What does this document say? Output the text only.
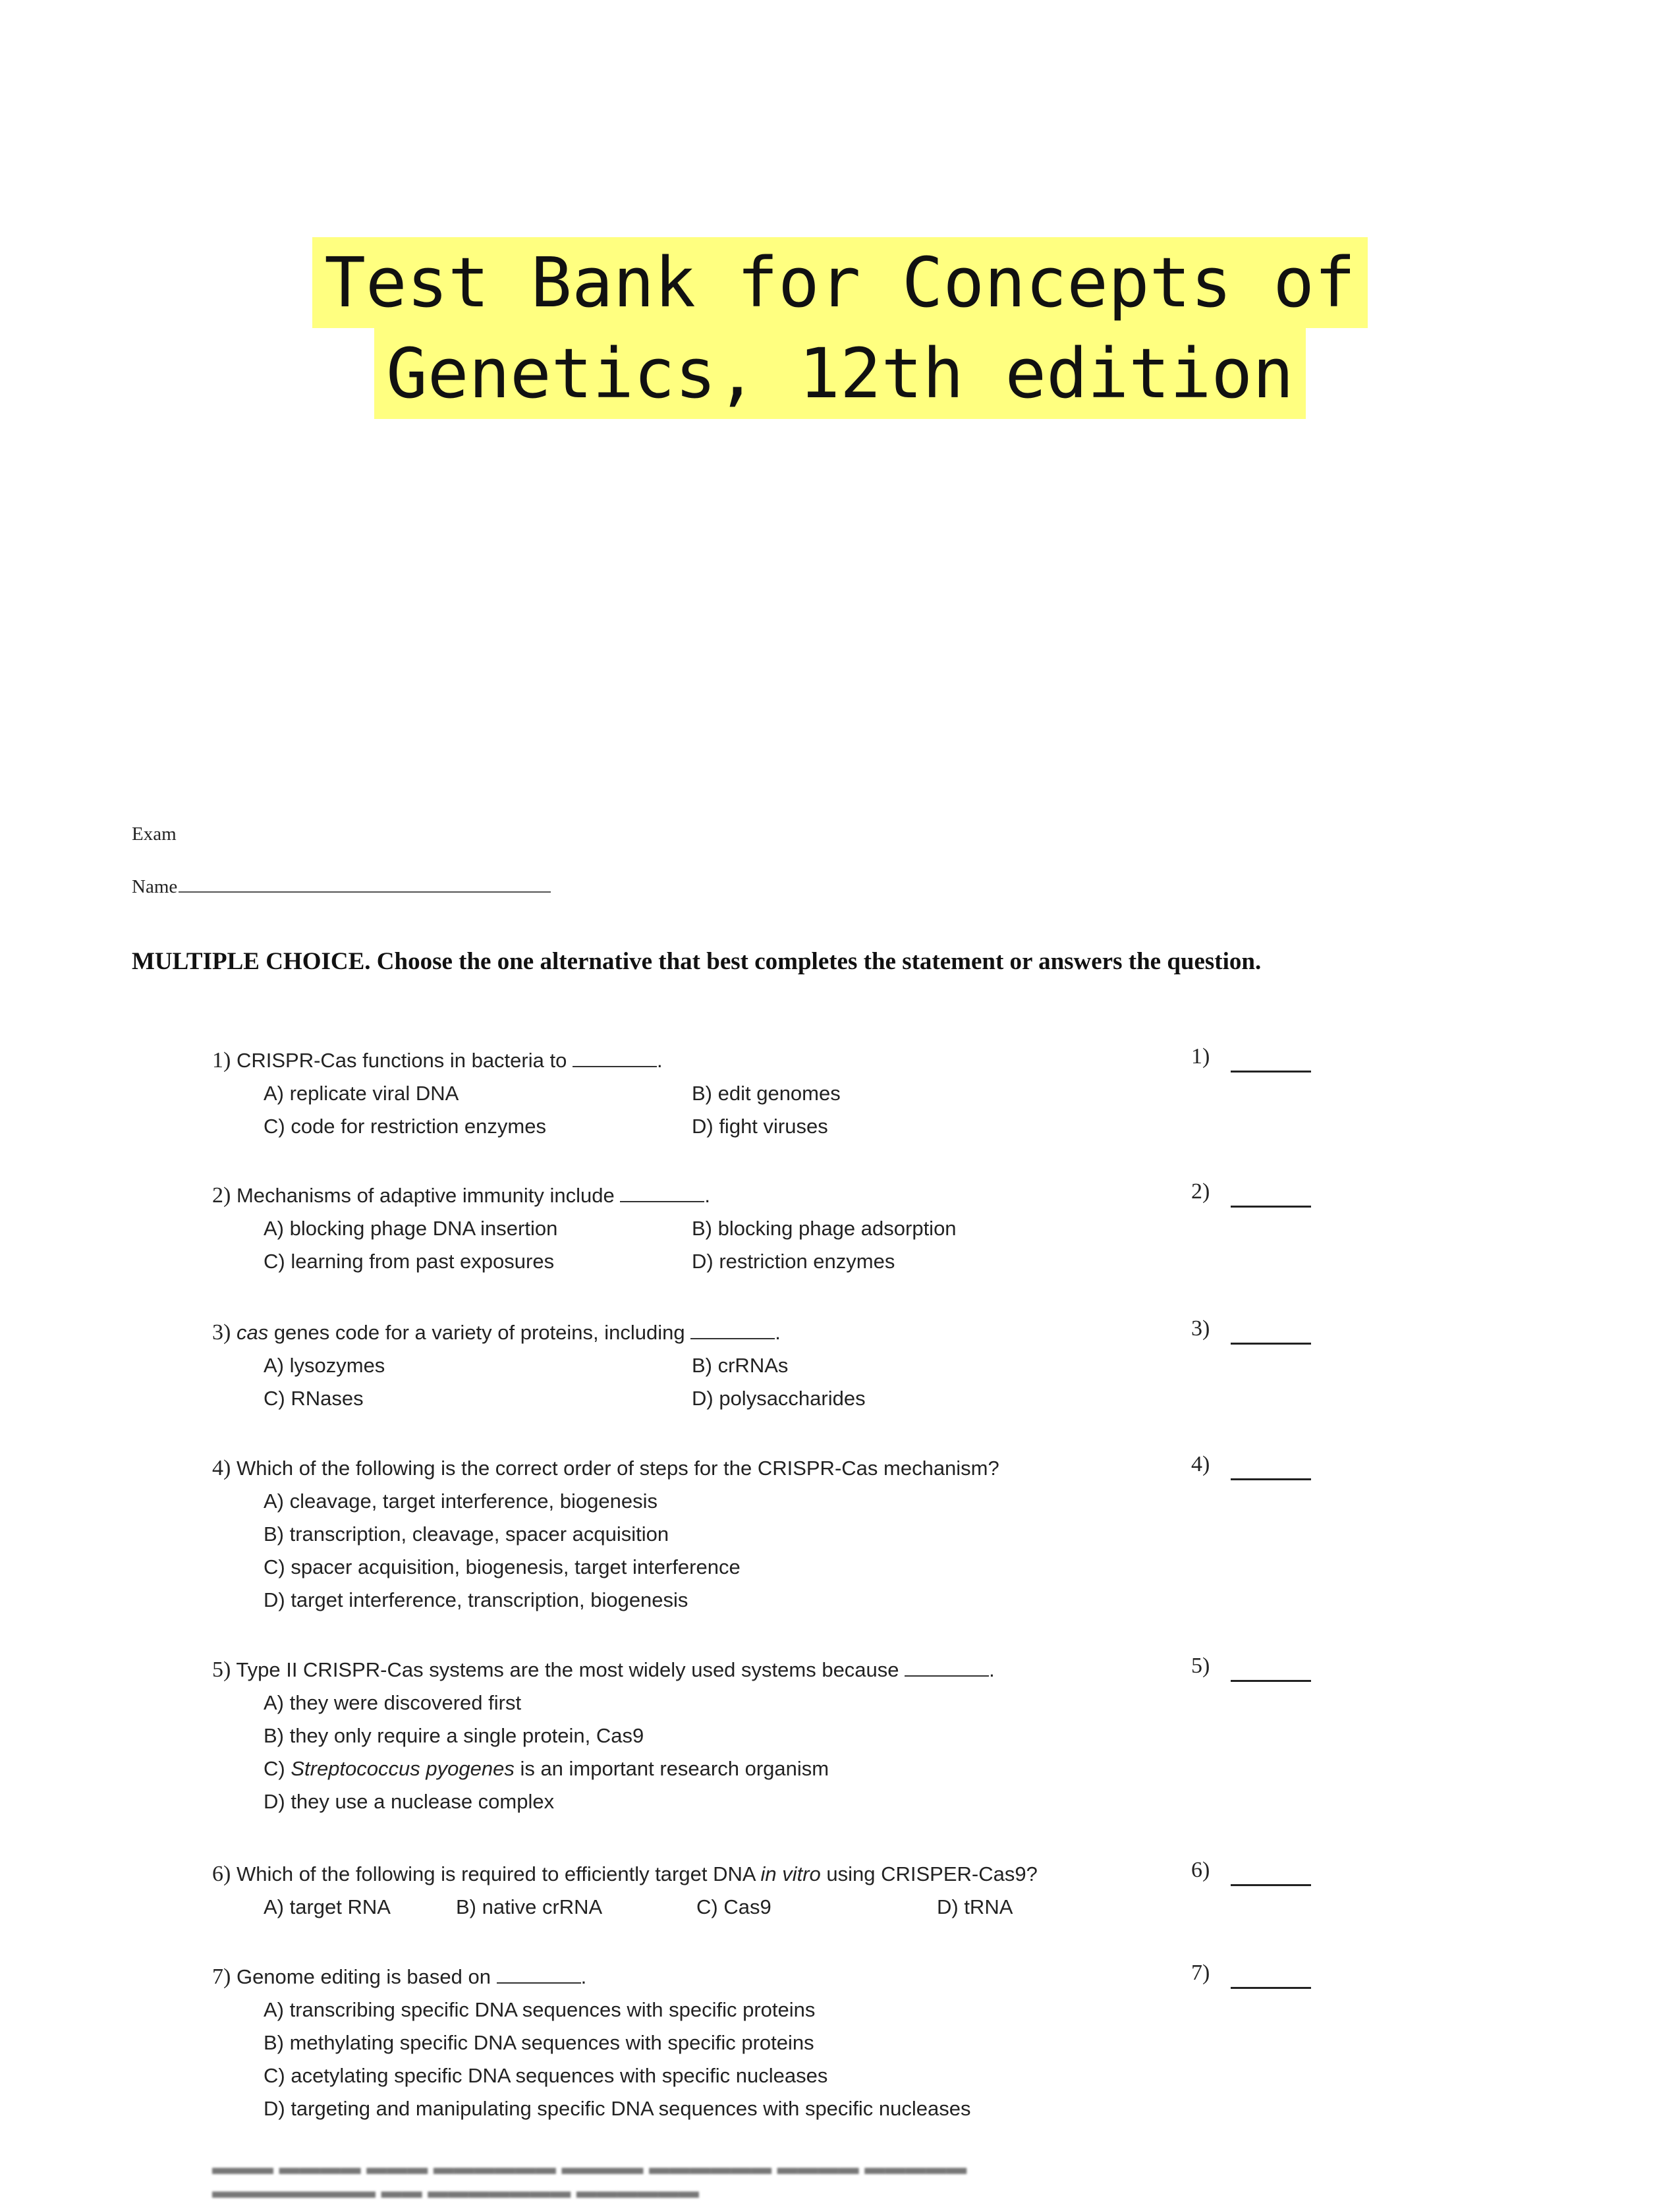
Test Bank for Concepts of
Genetics, 12th edition
Exam
Name
MULTIPLE CHOICE. Choose the one alternative that best completes the statement or answers the question.
1) CRISPR-Cas functions in bacteria to	.
A) replicate viral DNA	B) edit genomes
C) code for restriction enzymes	D) fight viruses
1)
2) Mechanisms of adaptive immunity include	.
A) blocking phage DNA insertion	B) blocking phage adsorption
C) learning from past exposures	D) restriction enzymes
2)
3) cas genes code for a variety of proteins, including	.
A) lysozymes	B) crRNAs
C) RNases	D) polysaccharides
3)
4) Which of the following is the correct order of steps for the CRISPR-Cas mechanism?
A) cleavage, target interference, biogenesis
B) transcription, cleavage, spacer acquisition
C) spacer acquisition, biogenesis, target interference
D) target interference, transcription, biogenesis
4)
5) Type II CRISPR-Cas systems are the most widely used systems because	.
A) they were discovered first
B) they only require a single protein, Cas9
C) Streptococcus pyogenes is an important research organism
D) they use a nuclease complex
5)
6) Which of the following is required to efficiently target DNA in vitro using CRISPER-Cas9?
A) target RNA	B) native crRNA	C) Cas9	D) tRNA
6)
7) Genome editing is based on	.
A) transcribing specific DNA sequences with specific proteins
B) methylating specific DNA sequences with specific proteins
C) acetylating specific DNA sequences with specific nucleases
D) targeting and manipulating specific DNA sequences with specific nucleases
7)
▬▬▬ ▬▬▬▬ ▬▬▬ ▬▬▬▬▬▬ ▬▬▬▬ ▬▬▬▬▬▬ ▬▬▬▬ ▬▬▬▬▬ ▬▬▬▬▬▬▬▬ ▬▬ ▬▬▬▬▬▬▬ ▬▬▬▬▬▬
